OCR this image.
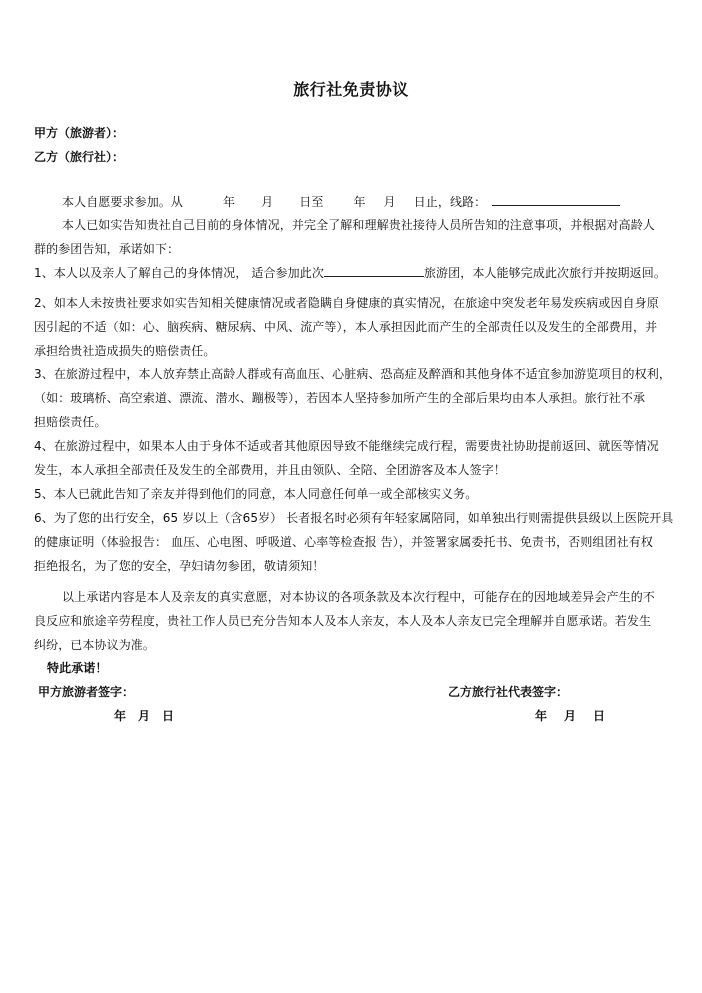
旅行社免责协议
甲方（旅游者）：
乙方（旅行社）：
本人自愿要求参加。从	年 月 日至	年 月 日止，线路：
本人已如实告知贵社自己目前的身体情况，并完全了解和理解贵社接待人员所告知的注意事项，并根据对高龄人
群的参团告知，承诺如下：
1、本人以及亲人了解自己的身体情况， 适合参加此次	旅游团，本人能够完成此次旅行并按期返回。
2、如本人未按贵社要求如实告知相关健康情况或者隐瞒自身健康的真实情况，在旅途中突发老年易发疾病或因自身原
因引起的不适（如：心、脑疾病、糖尿病、中风、流产等），本人承担因此而产生的全部责任以及发生的全部费用，并
承担给贵社造成损失的赔偿责任。
3、在旅游过程中，本人放弃禁止高龄人群或有高血压、心脏病、恐高症及醉酒和其他身体不适宜参加游览项目的权利，
（如：玻璃桥、高空索道、漂流、潜水、蹦极等），若因本人坚持参加所产生的全部后果均由本人承担。旅行社不承
担赔偿责任。
4、在旅游过程中，如果本人由于身体不适或者其他原因导致不能继续完成行程，需要贵社协助提前返回、就医等情况
发生，本人承担全部责任及发生的全部费用，并且由领队、全陪、全团游客及本人签字！
5、本人已就此告知了亲友并得到他们的同意，本人同意任何单一或全部核实义务。
6、为了您的出行安全，65 岁以上（含65岁） 长者报名时必须有年轻家属陪同，如单独出行则需提供县级以上医院开具
的健康证明（体验报告： 血压、心电图、呼吸道、心率等检查报 告），并签署家属委托书、免责书，否则组团社有权
拒绝报名，为了您的安全，孕妇请勿参团，敬请须知！
以上承诺内容是本人及亲友的真实意愿，对本协议的各项条款及本次行程中，可能存在的因地域差异会产生的不
良反应和旅途辛劳程度，贵社工作人员已充分告知本人及本人亲友，本人及本人亲友已完全理解并自愿承诺。若发生
纠纷，已本协议为准。
特此承诺！
甲方旅游者签字：	乙方旅行社代表签字：
年 月 日	年 月 日
